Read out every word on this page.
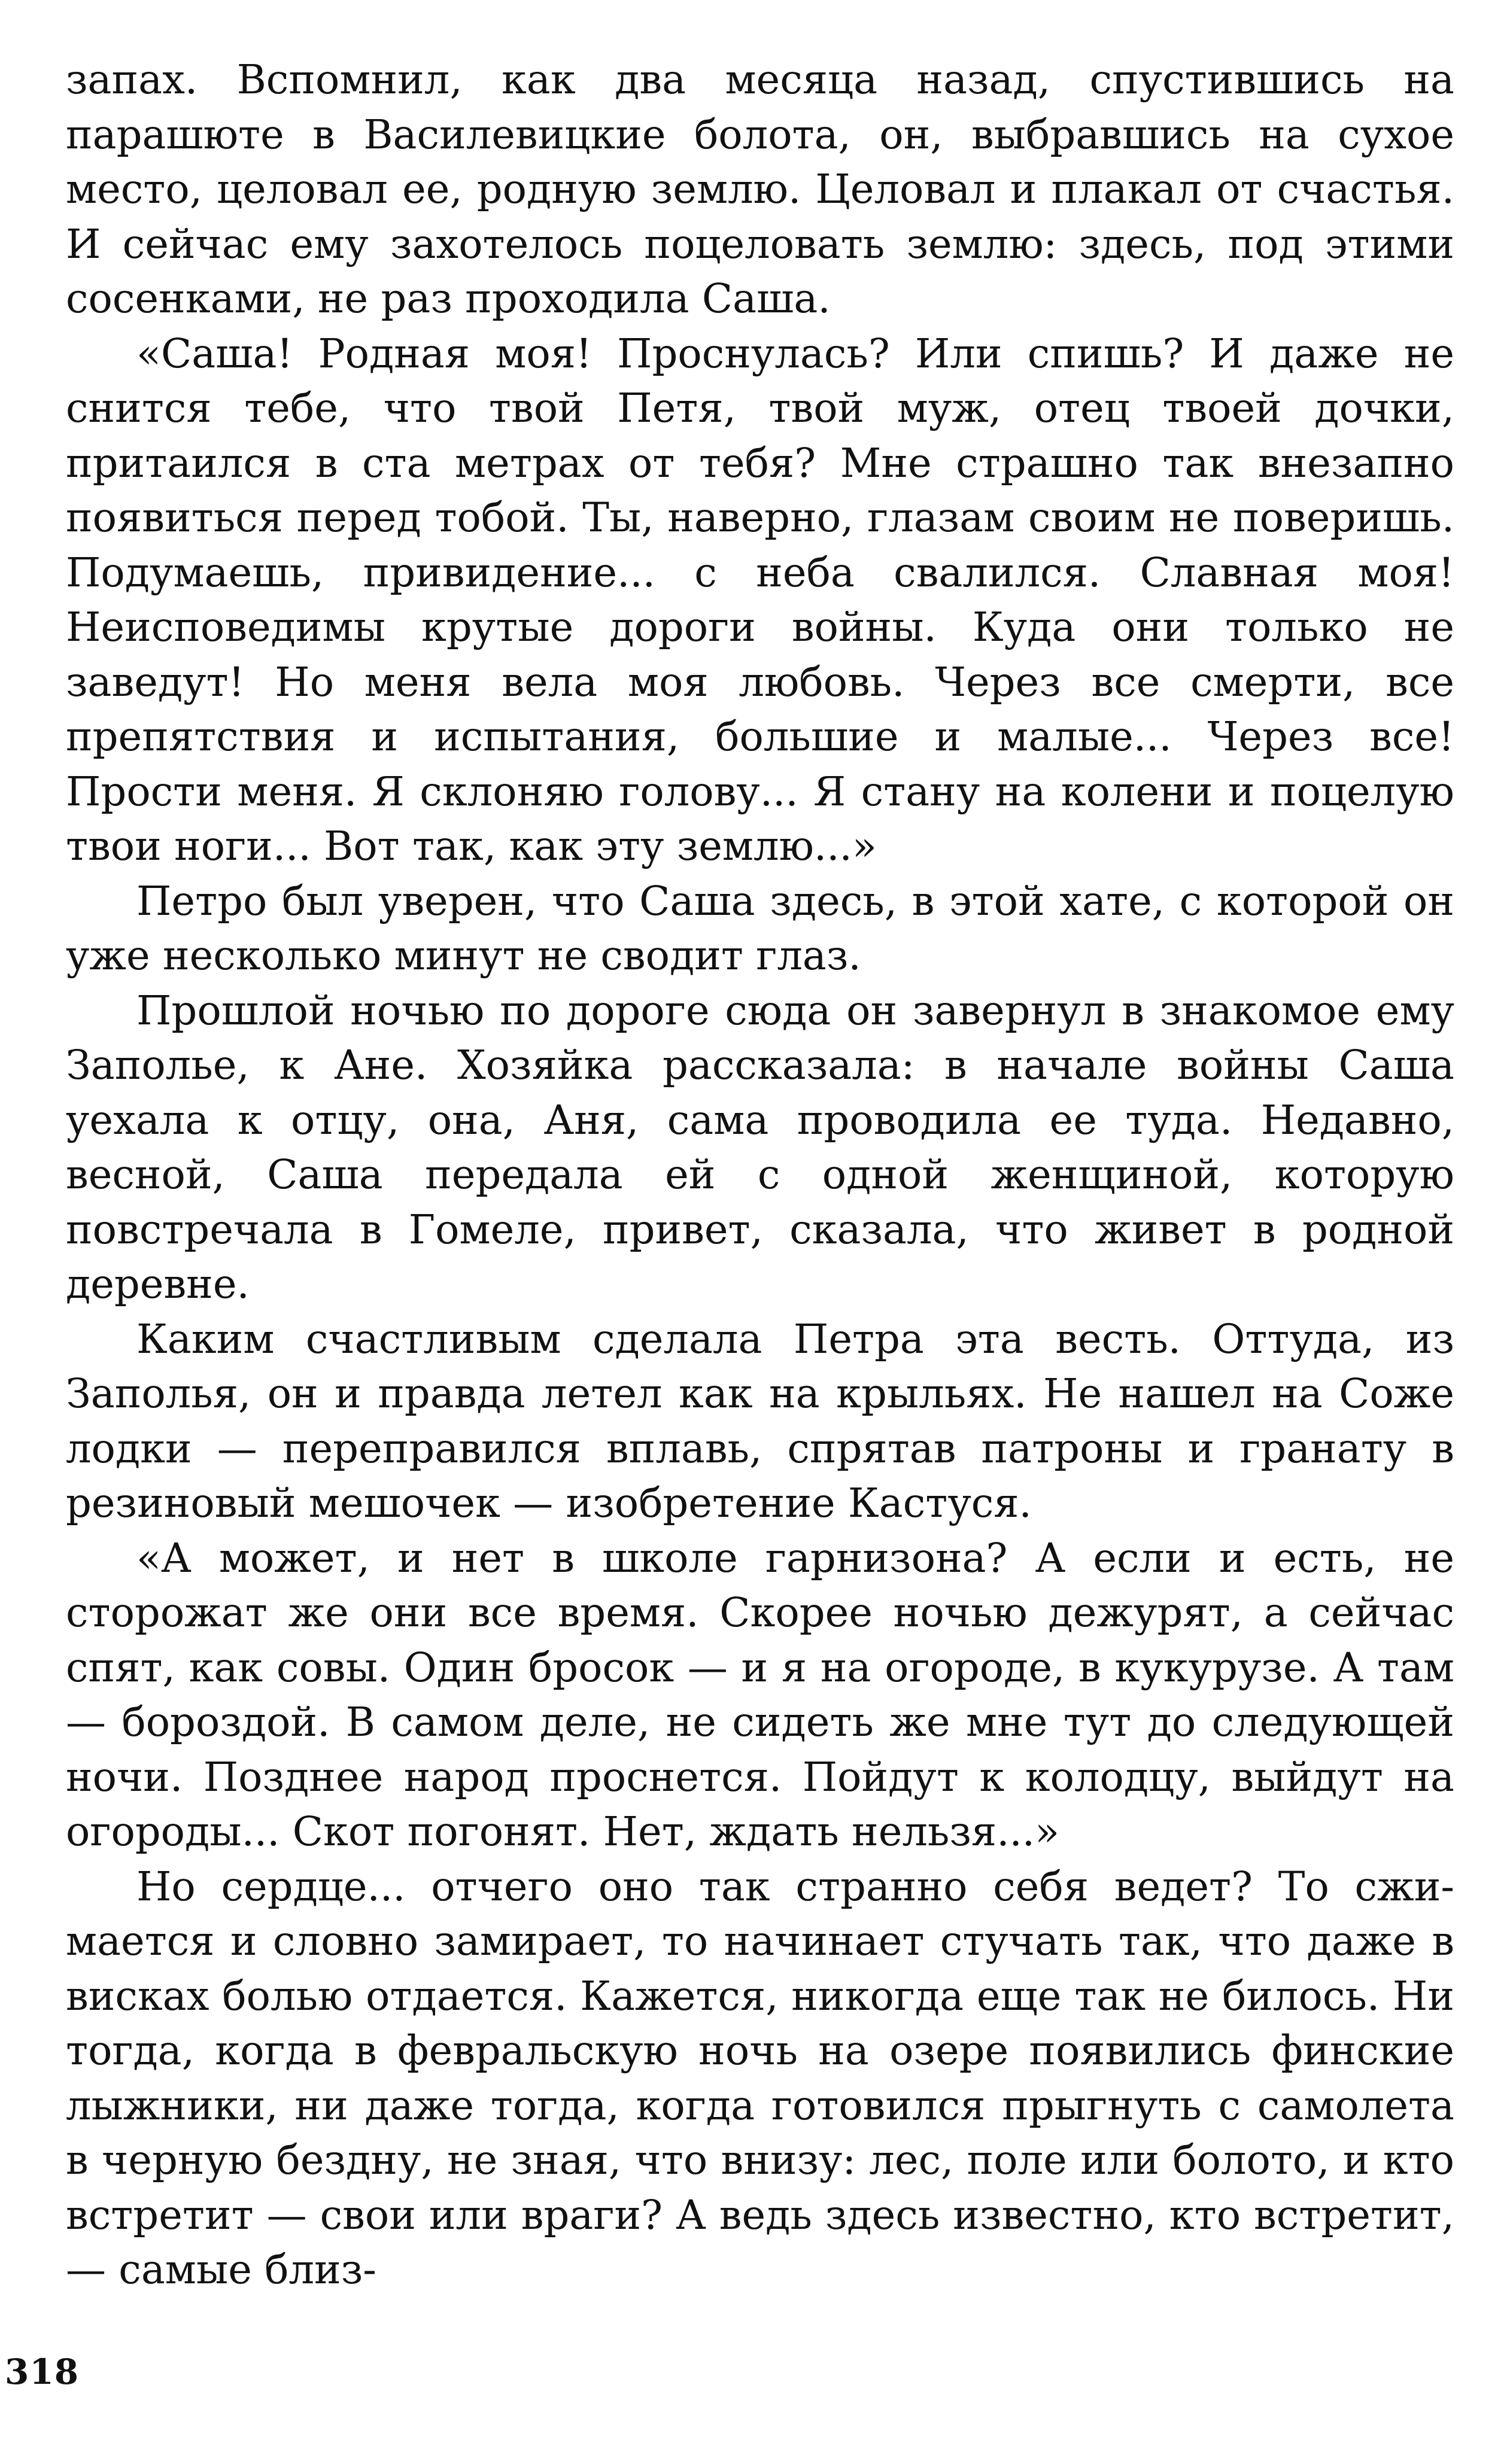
запах. Вспомнил, как два месяца назад, спустившись на парашюте в Василевицкие болота, он, выбравшись на сухое место, целовал ее, родную землю. Целовал и плакал от счастья. И сейчас ему захотелось поцеловать землю: здесь, под этими сосенками, не раз проходила Саша.

«Саша! Родная моя! Проснулась? Или спишь? И даже не снится тебе, что твой Петя, твой муж, отец твоей дочки, притаился в ста метрах от тебя? Мне страшно так внезапно появиться перед тобой. Ты, наверно, глазам своим не поверишь. Подумаешь, привидение... с неба свалился. Славная моя! Неисповедимы крутые дороги войны. Куда они только не заведут! Но меня вела моя любовь. Через все смерти, все препятствия и испытания, большие и малые... Через все! Прости меня. Я склоняю голову... Я стану на колени и поцелую твои ноги... Вот так, как эту землю...»

Петро был уверен, что Саша здесь, в этой хате, с которой он уже несколько минут не сводит глаз.

Прошлой ночью по дороге сюда он завернул в знакомое ему Заполье, к Ане. Хозяйка рассказала: в начале войны Саша уехала к отцу, она, Аня, сама проводила ее туда. Недавно, весной, Саша передала ей с одной женщиной, которую повстречала в Гомеле, привет, сказала, что живет в родной деревне.

Каким счастливым сделала Петра эта весть. Оттуда, из Заполья, он и правда летел как на крыльях. Не нашел на Соже лодки — переправился вплавь, спрятав патроны и гранату в резиновый мешочек — изобретение Кастуся.

«А может, и нет в школе гарнизона? А если и есть, не сторожат же они все время. Скорее ночью дежурят, а сейчас спят, как совы. Один бросок — и я на огороде, в кукурузе. А там — бороздой. В самом деле, не сидеть же мне тут до следующей ночи. Позднее народ проснется. Пойдут к колодцу, выйдут на огороды... Скот погонят. Нет, ждать нельзя...»

Но сердце... отчего оно так странно себя ведет? То сжимается и словно замирает, то начинает стучать так, что даже в висках болью отдается. Кажется, никогда еще так не билось. Ни тогда, когда в февральскую ночь на озере появились финские лыжники, ни даже тогда, когда готовился прыгнуть с самолета в черную бездну, не зная, что внизу: лес, поле или болото, и кто встретит — свои или враги? А ведь здесь известно, кто встретит,— самые близ-

318
